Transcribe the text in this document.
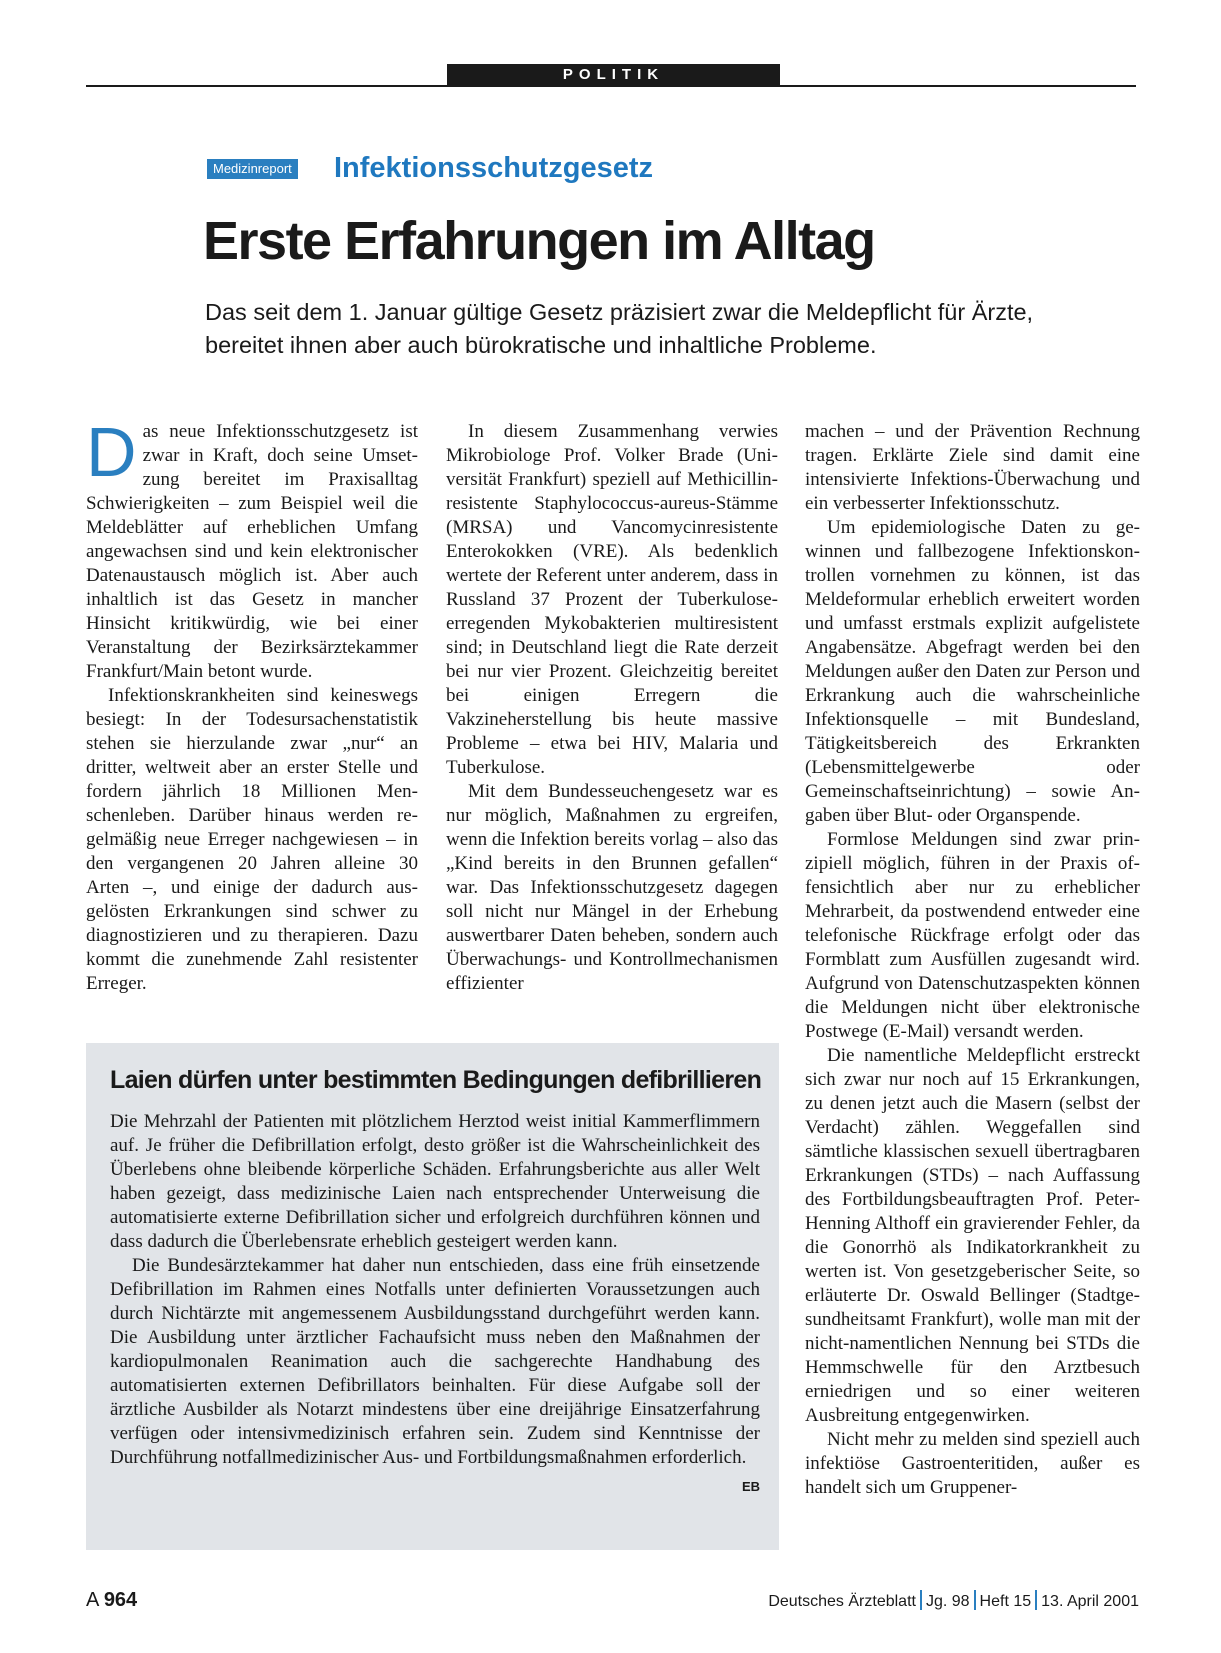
POLITIK
Medizinreport Infektionsschutzgesetz
Erste Erfahrungen im Alltag

Das seit dem 1. Januar gültige Gesetz präzisiert zwar die Meldepflicht für Ärzte, bereitet ihnen aber auch bürokratische und inhaltliche Probleme.

Das neue Infektionsschutzgesetz ist zwar in Kraft, doch seine Umsetzung bereitet im Praxisalltag Schwierigkeiten – zum Beispiel weil die Meldeblätter auf erheblichen Umfang angewachsen sind und kein elektronischer Datenaustausch möglich ist. Aber auch inhaltlich ist das Gesetz in mancher Hinsicht kritikwürdig, wie bei einer Veranstaltung der Bezirksärztekammer Frankfurt/Main betont wurde.

Infektionskrankheiten sind keineswegs besiegt: In der Todesursachenstatistik stehen sie hierzulande zwar „nur“ an dritter, weltweit aber an erster Stelle und fordern jährlich 18 Millionen Menschenleben. Darüber hinaus werden regelmäßig neue Erreger nachgewiesen – in den vergangenen 20 Jahren alleine 30 Arten –, und einige der dadurch ausgelösten Erkrankungen sind schwer zu diagnostizieren und zu therapieren. Dazu kommt die zunehmende Zahl resistenter Erreger.

In diesem Zusammenhang verwies Mikrobiologe Prof. Volker Brade (Universität Frankfurt) speziell auf Methicillin-resistente Staphylococcus-aureus-Stämme (MRSA) und Vancomycinresistente Enterokokken (VRE). Als bedenklich wertete der Referent unter anderem, dass in Russland 37 Prozent der Tuberkulose-erregenden Mykobakterien multiresistent sind; in Deutschland liegt die Rate derzeit bei nur vier Prozent. Gleichzeitig bereitet bei einigen Erregern die Vakzineherstellung bis heute massive Probleme – etwa bei HIV, Malaria und Tuberkulose.

Mit dem Bundesseuchengesetz war es nur möglich, Maßnahmen zu ergreifen, wenn die Infektion bereits vorlag – also das „Kind bereits in den Brunnen gefallen“ war. Das Infektionsschutzgesetz dagegen soll nicht nur Mängel in der Erhebung auswertbarer Daten beheben, sondern auch Überwachungs- und Kontrollmechanismen effizienter

machen – und der Prävention Rechnung tragen. Erklärte Ziele sind damit eine intensivierte Infektions-Überwachung und ein verbesserter Infektionsschutz.

Um epidemiologische Daten zu gewinnen und fallbezogene Infektionskontrollen vornehmen zu können, ist das Meldeformular erheblich erweitert worden und umfasst erstmals explizit aufgelistete Angabensätze. Abgefragt werden bei den Meldungen außer den Daten zur Person und Erkrankung auch die wahrscheinliche Infektionsquelle – mit Bundesland, Tätigkeitsbereich des Erkrankten (Lebensmittelgewerbe oder Gemeinschaftseinrichtung) – sowie Angaben über Blut- oder Organspende.

Formlose Meldungen sind zwar prinzipiell möglich, führen in der Praxis offensichtlich aber nur zu erheblicher Mehrarbeit, da postwendend entweder eine telefonische Rückfrage erfolgt oder das Formblatt zum Ausfüllen zugesandt wird. Aufgrund von Datenschutzaspekten können die Meldungen nicht über elektronische Postwege (E-Mail) versandt werden.

Die namentliche Meldepflicht erstreckt sich zwar nur noch auf 15 Erkrankungen, zu denen jetzt auch die Masern (selbst der Verdacht) zählen. Weggefallen sind sämtliche klassischen sexuell übertragbaren Erkrankungen (STDs) – nach Auffassung des Fortbildungsbeauftragten Prof. Peter-Henning Althoff ein gravierender Fehler, da die Gonorrhö als Indikatorkrankheit zu werten ist. Von gesetzgeberischer Seite, so erläuterte Dr. Oswald Bellinger (Stadtgesundheitsamt Frankfurt), wolle man mit der nicht-namentlichen Nennung bei STDs die Hemmschwelle für den Arztbesuch erniedrigen und so einer weiteren Ausbreitung entgegenwirken.

Nicht mehr zu melden sind speziell auch infektiöse Gastroenteritiden, außer es handelt sich um Gruppener-

Laien dürfen unter bestimmten Bedingungen defibrillieren

Die Mehrzahl der Patienten mit plötzlichem Herztod weist initial Kammerflimmern auf. Je früher die Defibrillation erfolgt, desto größer ist die Wahrscheinlichkeit des Überlebens ohne bleibende körperliche Schäden. Erfahrungsberichte aus aller Welt haben gezeigt, dass medizinische Laien nach entsprechender Unterweisung die automatisierte externe Defibrillation sicher und erfolgreich durchführen können und dass dadurch die Überlebensrate erheblich gesteigert werden kann.

Die Bundesärztekammer hat daher nun entschieden, dass eine früh einsetzende Defibrillation im Rahmen eines Notfalls unter definierten Voraussetzungen auch durch Nichtärzte mit angemessenem Ausbildungsstand durchgeführt werden kann. Die Ausbildung unter ärztlicher Fachaufsicht muss neben den Maßnahmen der kardiopulmonalen Reanimation auch die sachgerechte Handhabung des automatisierten externen Defibrillators beinhalten. Für diese Aufgabe soll der ärztliche Ausbilder als Notarzt mindestens über eine dreijährige Einsatzerfahrung verfügen oder intensivmedizinisch erfahren sein. Zudem sind Kenntnisse der Durchführung notfallmedizinischer Aus- und Fortbildungsmaßnahmen erforderlich.
EB

A 964	Deutsches Ärzteblatt Jg. 98 Heft 15 13. April 2001
